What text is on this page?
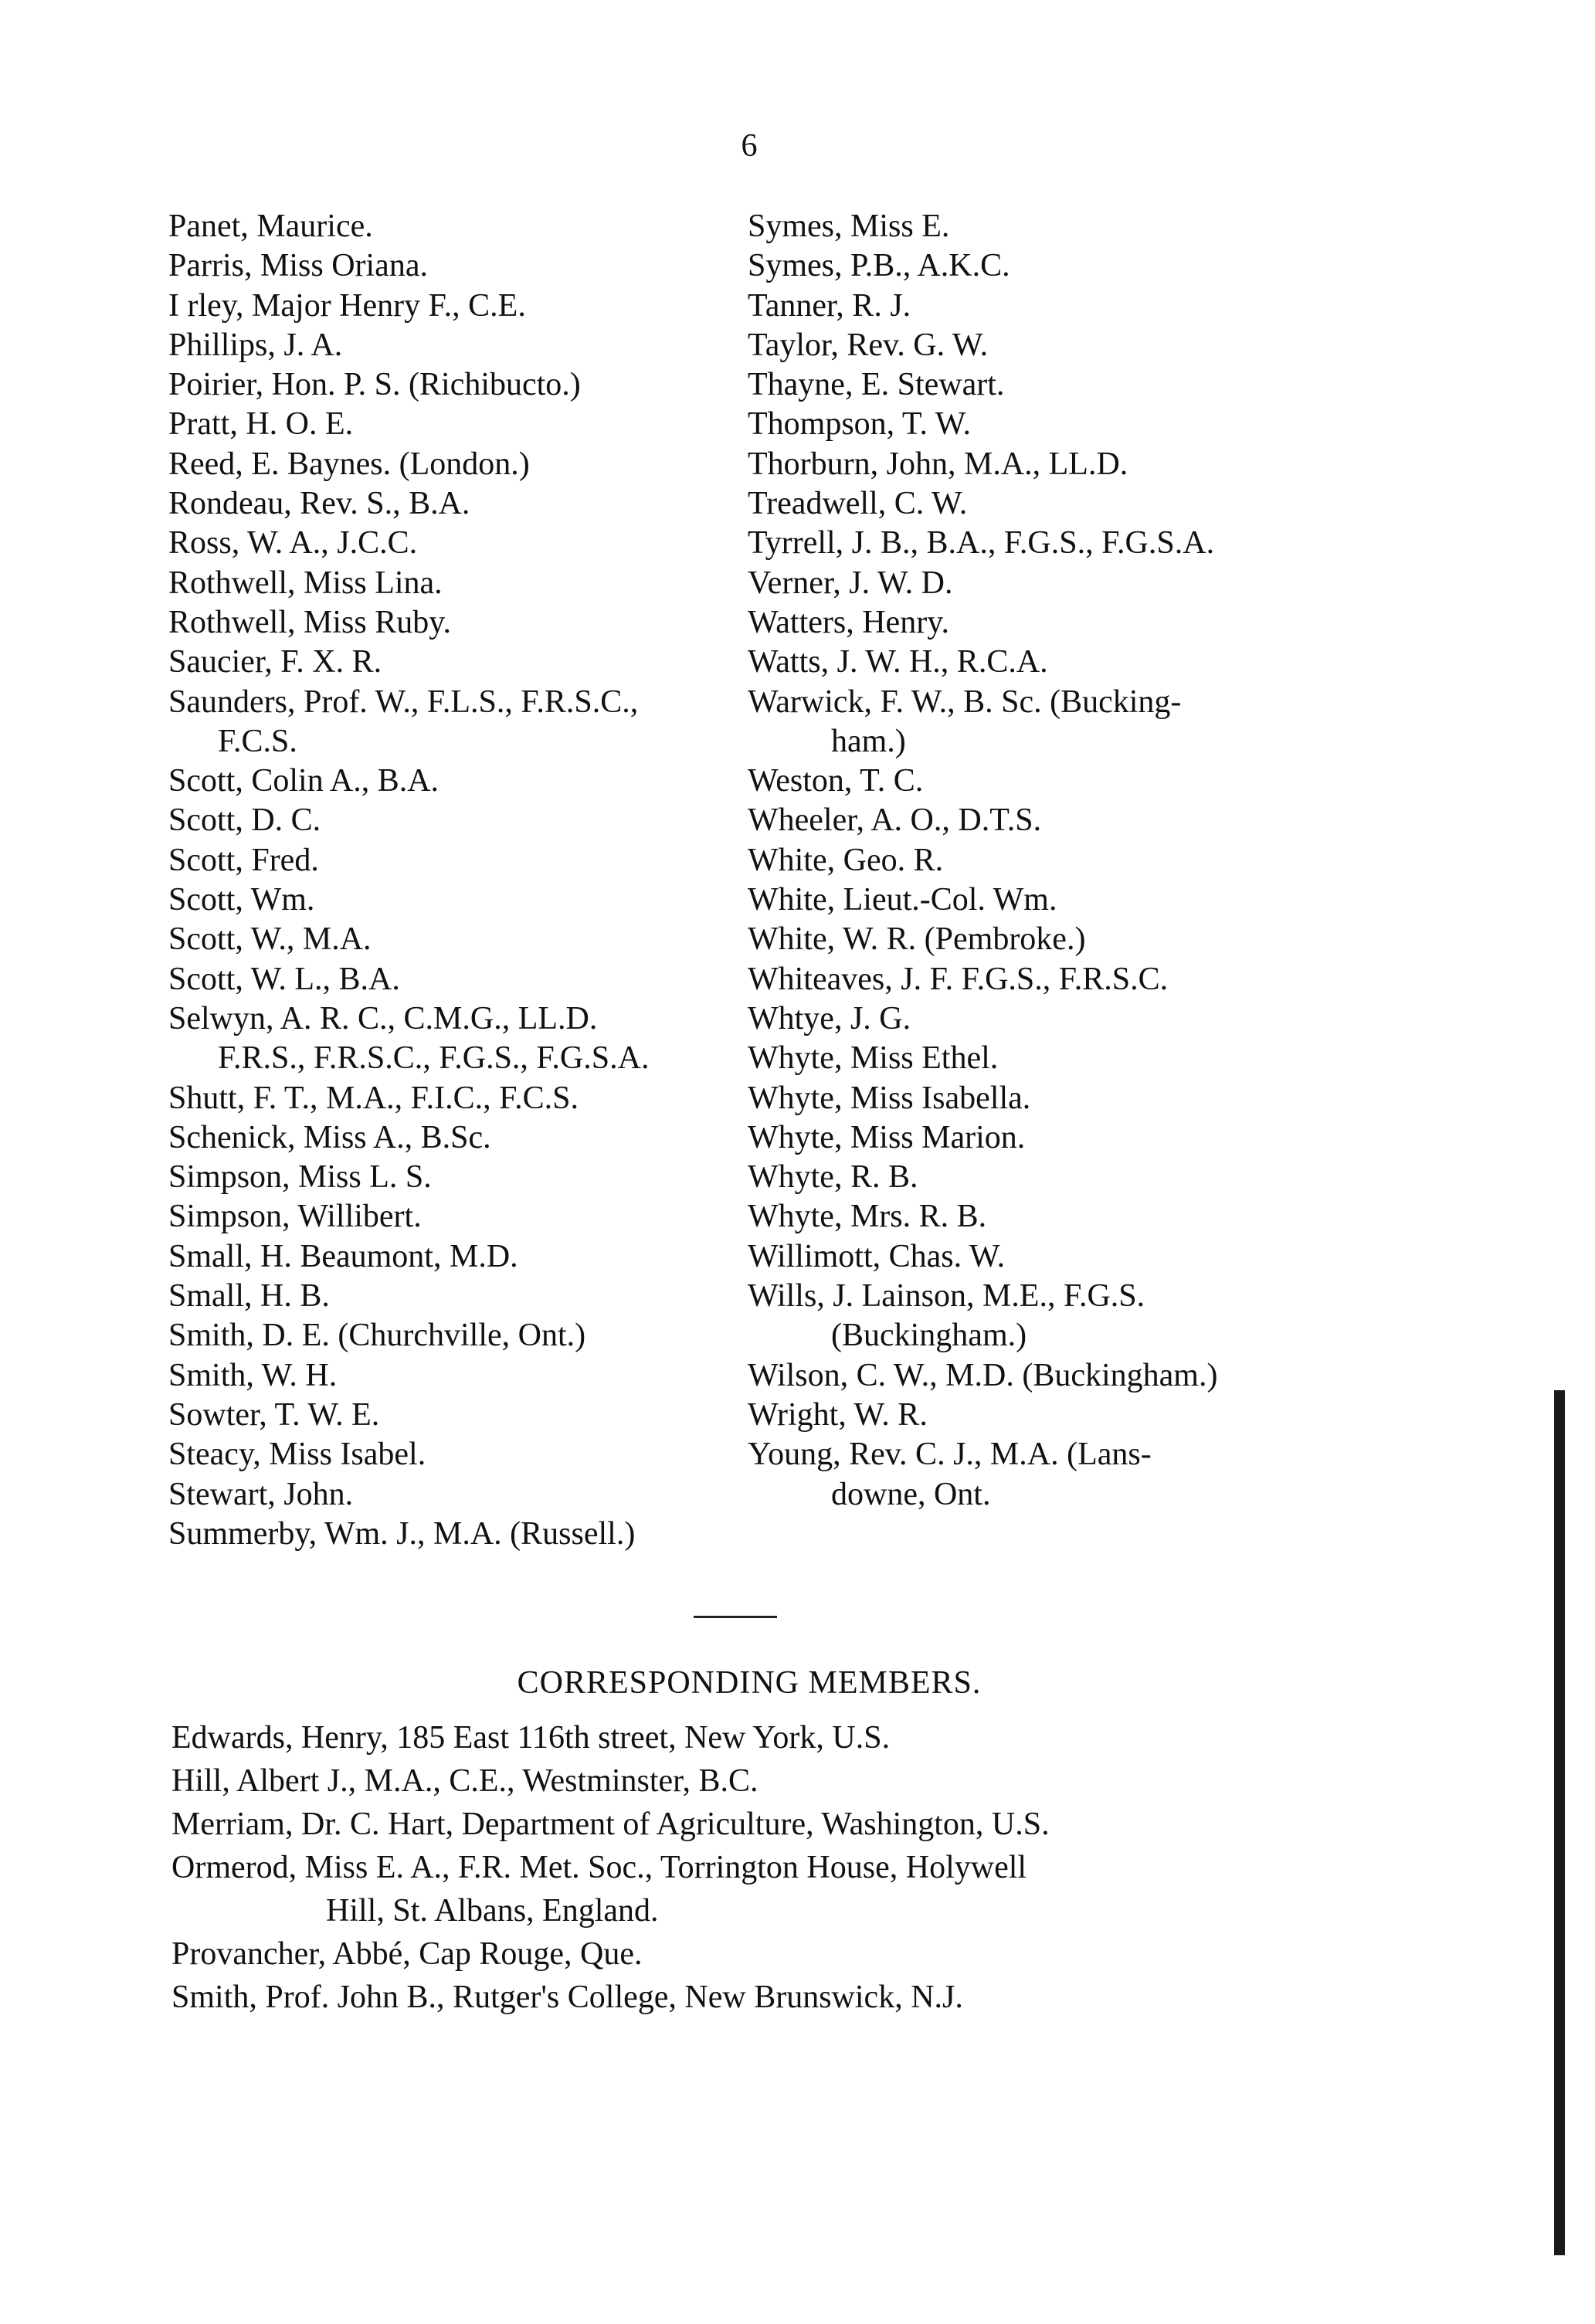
6
Panet, Maurice.
Parris, Miss Oriana.
I rley, Major Henry F., C.E.
Phillips, J. A.
Poirier, Hon. P. S. (Richibucto.)
Pratt, H. O. E.
Reed, E. Baynes. (London.)
Rondeau, Rev. S., B.A.
Ross, W. A., J.C.C.
Rothwell, Miss Lina.
Rothwell, Miss Ruby.
Saucier, F. X. R.
Saunders, Prof. W., F.L.S., F.R.S.C.,
F.C.S.
Scott, Colin A., B.A.
Scott, D. C.
Scott, Fred.
Scott, Wm.
Scott, W., M.A.
Scott, W. L., B.A.
Selwyn, A. R. C., C.M.G., LL.D.
F.R.S., F.R.S.C., F.G.S., F.G.S.A.
Shutt, F. T., M.A., F.I.C., F.C.S.
Schenick, Miss A., B.Sc.
Simpson, Miss L. S.
Simpson, Willibert.
Small, H. Beaumont, M.D.
Small, H. B.
Smith, D. E. (Churchville, Ont.)
Smith, W. H.
Sowter, T. W. E.
Steacy, Miss Isabel.
Stewart, John.
Summerby, Wm. J., M.A. (Russell.)
Symes, Miss E.
Symes, P.B., A.K.C.
Tanner, R. J.
Taylor, Rev. G. W.
Thayne, E. Stewart.
Thompson, T. W.
Thorburn, John, M.A., LL.D.
Treadwell, C. W.
Tyrrell, J. B., B.A., F.G.S., F.G.S.A.
Verner, J. W. D.
Watters, Henry.
Watts, J. W. H., R.C.A.
Warwick, F. W., B. Sc. (Bucking-
ham.)
Weston, T. C.
Wheeler, A. O., D.T.S.
White, Geo. R.
White, Lieut.-Col. Wm.
White, W. R. (Pembroke.)
Whiteaves, J. F. F.G.S., F.R.S.C.
Whtye, J. G.
Whyte, Miss Ethel.
Whyte, Miss Isabella.
Whyte, Miss Marion.
Whyte, R. B.
Whyte, Mrs. R. B.
Willimott, Chas. W.
Wills, J. Lainson, M.E., F.G.S.
(Buckingham.)
Wilson, C. W., M.D. (Buckingham.)
Wright, W. R.
Young, Rev. C. J., M.A. (Lans-
downe, Ont.
CORRESPONDING MEMBERS.
Edwards, Henry, 185 East 116th street, New York, U.S.
Hill, Albert J., M.A., C.E., Westminster, B.C.
Merriam, Dr. C. Hart, Department of Agriculture, Washington, U.S.
Ormerod, Miss E. A., F.R. Met. Soc., Torrington House, Holywell
Hill, St. Albans, England.
Provancher, Abbé, Cap Rouge, Que.
Smith, Prof. John B., Rutger's College, New Brunswick, N.J.
